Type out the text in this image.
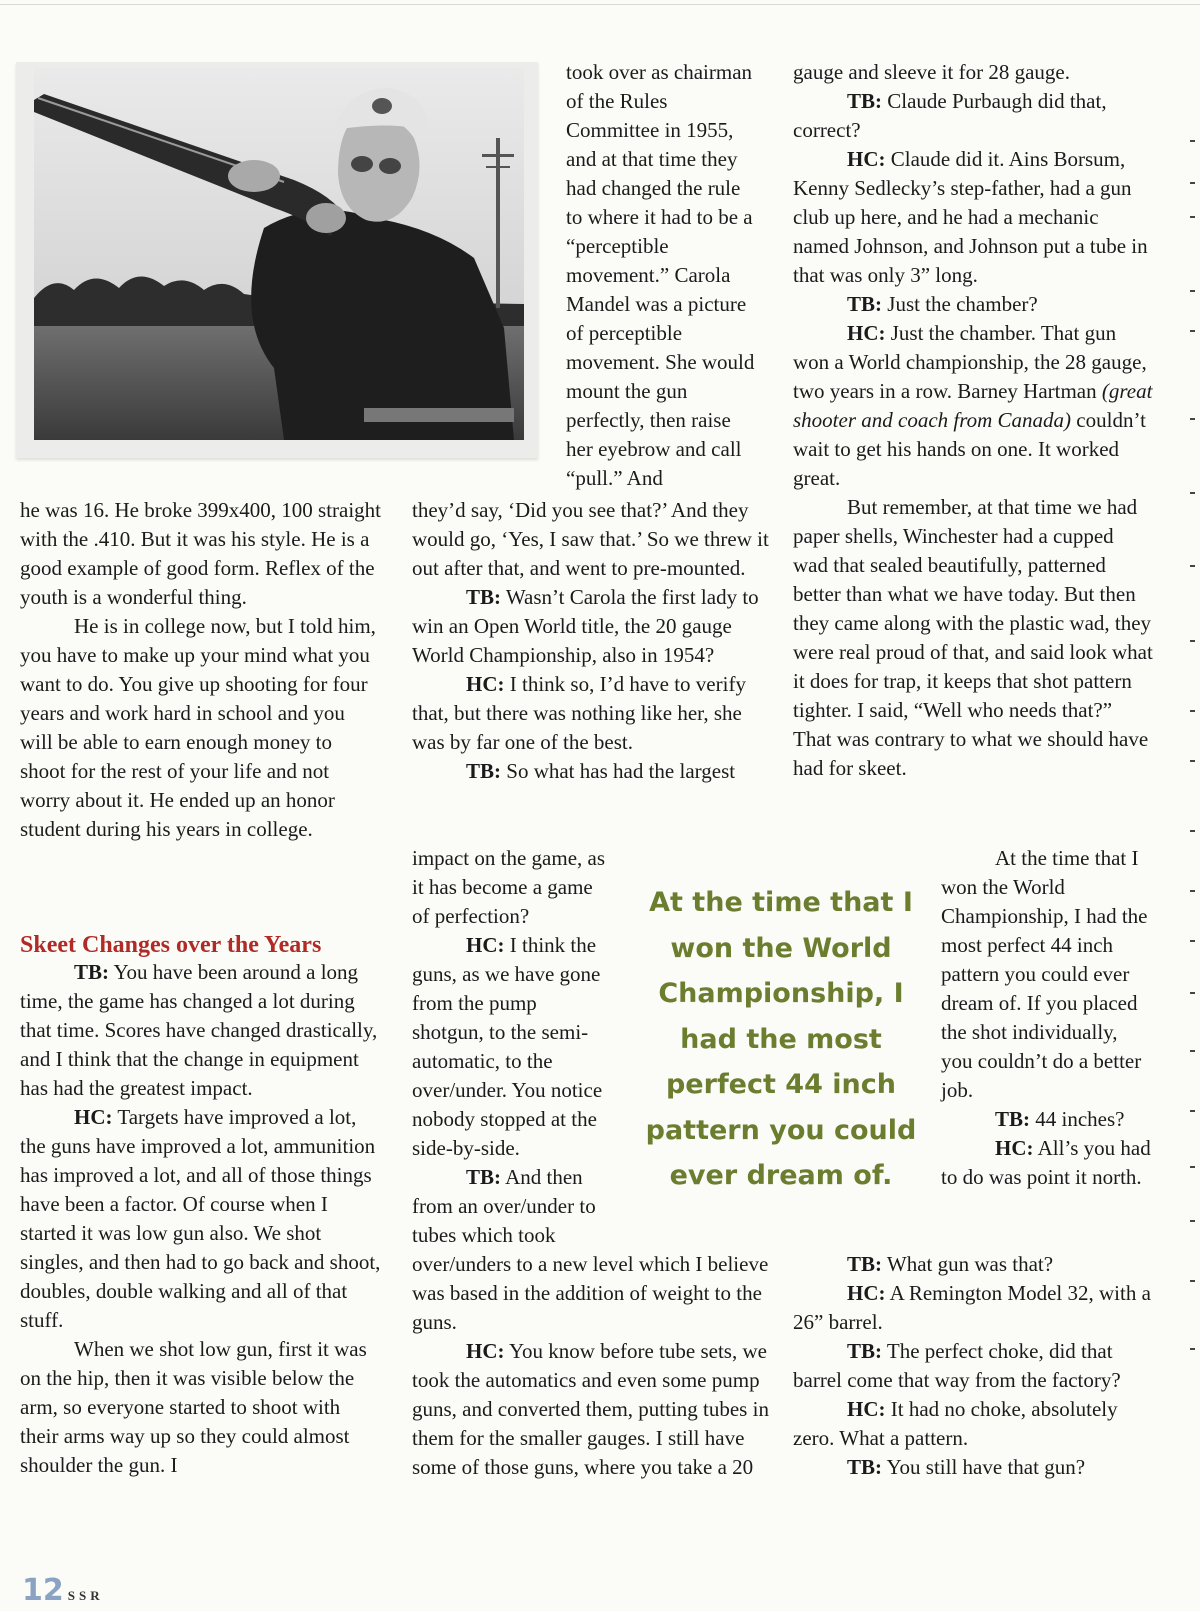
he was 16. He broke 399x400, 100 straight with the .410. But it was his style. He is a good example of good form. Reflex of the youth is a wonderful thing.

He is in college now, but I told him, you have to make up your mind what you want to do. You give up shooting for four years and work hard in school and you will be able to earn enough money to shoot for the rest of your life and not worry about it. He ended up an honor student during his years in college.

Skeet Changes over the Years

TB: You have been around a long time, the game has changed a lot during that time. Scores have changed drastically, and I think that the change in equipment has had the greatest impact.

HC: Targets have improved a lot, the guns have improved a lot, ammunition has improved a lot, and all of those things have been a factor. Of course when I started it was low gun also. We shot singles, and then had to go back and shoot, doubles, double walking and all of that stuff.

When we shot low gun, first it was on the hip, then it was visible below the arm, so everyone started to shoot with their arms way up so they could almost shoulder the gun. I

took over as chairman of the Rules Committee in 1955, and at that time they had changed the rule to where it had to be a “perceptible movement.” Carola Mandel was a picture of perceptible movement. She would mount the gun perfectly, then raise her eyebrow and call “pull.” And

they’d say, ‘Did you see that?’ And they would go, ‘Yes, I saw that.’ So we threw it out after that, and went to pre-mounted.

TB: Wasn’t Carola the first lady to win an Open World title, the 20 gauge World Championship, also in 1954?

HC: I think so, I’d have to verify that, but there was nothing like her, she was by far one of the best.

TB: So what has had the largest

impact on the game, as it has become a game of perfection?

HC: I think the guns, as we have gone from the pump shotgun, to the semi-automatic, to the over/under. You notice nobody stopped at the side-by-side.

TB: And then from an over/under to tubes which took

over/unders to a new level which I believe was based in the addition of weight to the guns.

HC: You know before tube sets, we took the automatics and even some pump guns, and converted them, putting tubes in them for the smaller gauges. I still have some of those guns, where you take a 20

At the time that I won the World Championship, I had the most perfect 44 inch pattern you could ever dream of.

gauge and sleeve it for 28 gauge.

TB: Claude Purbaugh did that, correct?

HC: Claude did it. Ains Borsum, Kenny Sedlecky’s step-father, had a gun club up here, and he had a mechanic named Johnson, and Johnson put a tube in that was only 3” long.

TB: Just the chamber?

HC: Just the chamber. That gun won a World championship, the 28 gauge, two years in a row. Barney Hartman (great shooter and coach from Canada) couldn’t wait to get his hands on one. It worked great.

But remember, at that time we had paper shells, Winchester had a cupped wad that sealed beautifully, patterned better than what we have today. But then they came along with the plastic wad, they were real proud of that, and said look what it does for trap, it keeps that shot pattern tighter. I said, “Well who needs that?” That was contrary to what we should have had for skeet.

At the time that I won the World Championship, I had the most perfect 44 inch pattern you could ever dream of. If you placed the shot individually, you couldn’t do a better job.

TB: 44 inches?

HC: All’s you had to do was point it north.

TB: What gun was that?

HC: A Remington Model 32, with a 26” barrel.

TB: The perfect choke, did that barrel come that way from the factory?

HC: It had no choke, absolutely zero. What a pattern.

TB: You still have that gun?

12 SSR
